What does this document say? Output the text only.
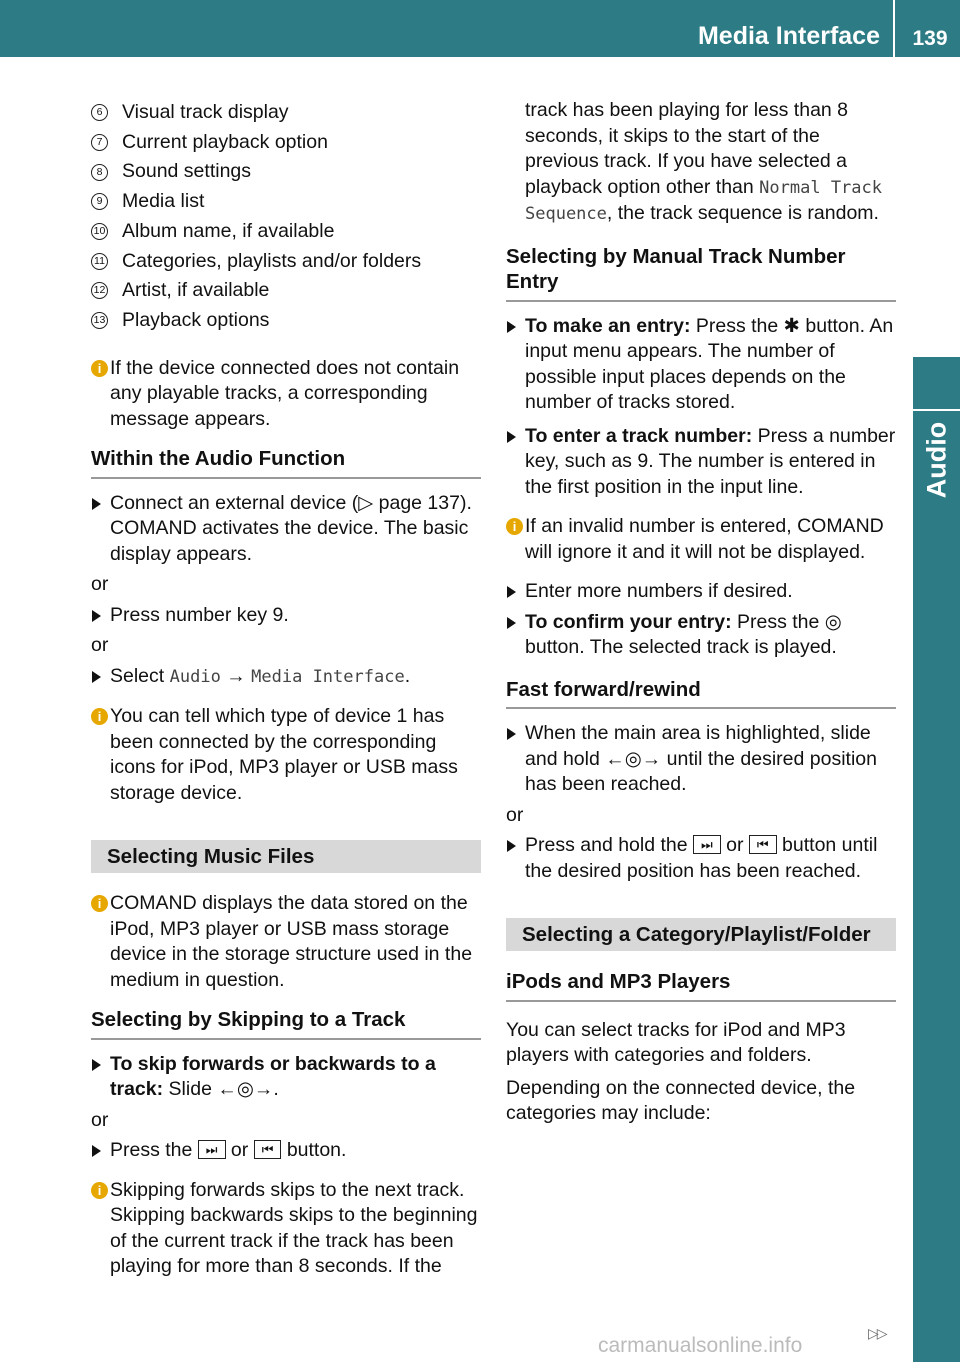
Media Interface	139
Audio
6 Visual track display
7 Current playback option
8 Sound settings
9 Media list
10 Album name, if available
11 Categories, playlists and/or folders
12 Artist, if available
13 Playback options
i If the device connected does not contain any playable tracks, a corresponding message appears.
Within the Audio Function
Connect an external device (▷ page 137). COMAND activates the device. The basic display appears.
or
Press number key 9.
or
Select Audio → Media Interface.
i You can tell which type of device 1 has been connected by the corresponding icons for iPod, MP3 player or USB mass storage device.
Selecting Music Files
i COMAND displays the data stored on the iPod, MP3 player or USB mass storage device in the storage structure used in the medium in question.
Selecting by Skipping to a Track
To skip forwards or backwards to a track: Slide ←◎→.
or
Press the ⏭ or ⏮ button.
i Skipping forwards skips to the next track. Skipping backwards skips to the beginning of the current track if the track has been playing for more than 8 seconds. If the
track has been playing for less than 8 seconds, it skips to the start of the previous track. If you have selected a playback option other than Normal Track Sequence, the track sequence is random.
Selecting by Manual Track Number Entry
To make an entry: Press the ✱ button. An input menu appears. The number of possible input places depends on the number of tracks stored.
To enter a track number: Press a number key, such as 9. The number is entered in the first position in the input line.
i If an invalid number is entered, COMAND will ignore it and it will not be displayed.
Enter more numbers if desired.
To confirm your entry: Press the ◎ button. The selected track is played.
Fast forward/rewind
When the main area is highlighted, slide and hold ←◎→ until the desired position has been reached.
or
Press and hold the ⏭ or ⏮ button until the desired position has been reached.
Selecting a Category/Playlist/Folder
iPods and MP3 Players
You can select tracks for iPod and MP3 players with categories and folders.
Depending on the connected device, the categories may include:
▷▷
carmanualsonline.info
